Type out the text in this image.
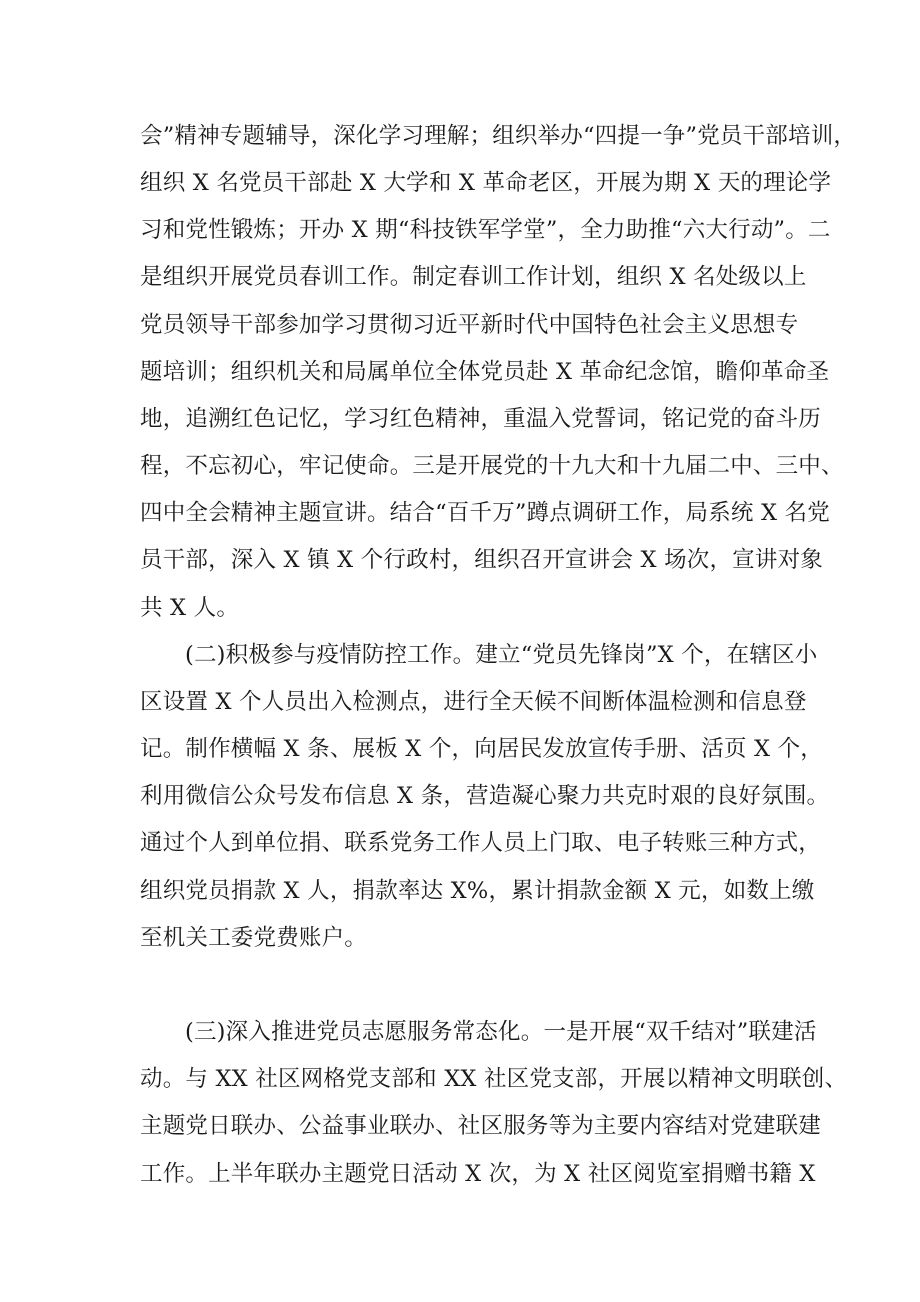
会”精神专题辅导，深化学习理解；组织举办“四提一争”党员干部培训，
组织 X 名党员干部赴 X 大学和 X 革命老区，开展为期 X 天的理论学
习和党性锻炼；开办 X 期“科技铁军学堂”，全力助推“六大行动”。二
是组织开展党员春训工作。制定春训工作计划，组织 X 名处级以上
党员领导干部参加学习贯彻习近平新时代中国特色社会主义思想专
题培训；组织机关和局属单位全体党员赴 X 革命纪念馆，瞻仰革命圣
地，追溯红色记忆，学习红色精神，重温入党誓词，铭记党的奋斗历
程，不忘初心，牢记使命。三是开展党的十九大和十九届二中、三中、
四中全会精神主题宣讲。结合“百千万”蹲点调研工作，局系统 X 名党
员干部，深入 X 镇 X 个行政村，组织召开宣讲会 X 场次，宣讲对象
共 X 人。
(二)积极参与疫情防控工作。建立“党员先锋岗”X 个，在辖区小
区设置 X 个人员出入检测点，进行全天候不间断体温检测和信息登
记。制作横幅 X 条、展板 X 个，向居民发放宣传手册、活页 X 个，
利用微信公众号发布信息 X 条，营造凝心聚力共克时艰的良好氛围。
通过个人到单位捐、联系党务工作人员上门取、电子转账三种方式，
组织党员捐款 X 人，捐款率达 X%，累计捐款金额 X 元，如数上缴
至机关工委党费账户。
(三)深入推进党员志愿服务常态化。一是开展“双千结对”联建活
动。与 XX 社区网格党支部和 XX 社区党支部，开展以精神文明联创、
主题党日联办、公益事业联办、社区服务等为主要内容结对党建联建
工作。上半年联办主题党日活动 X 次，为 X 社区阅览室捐赠书籍 X
